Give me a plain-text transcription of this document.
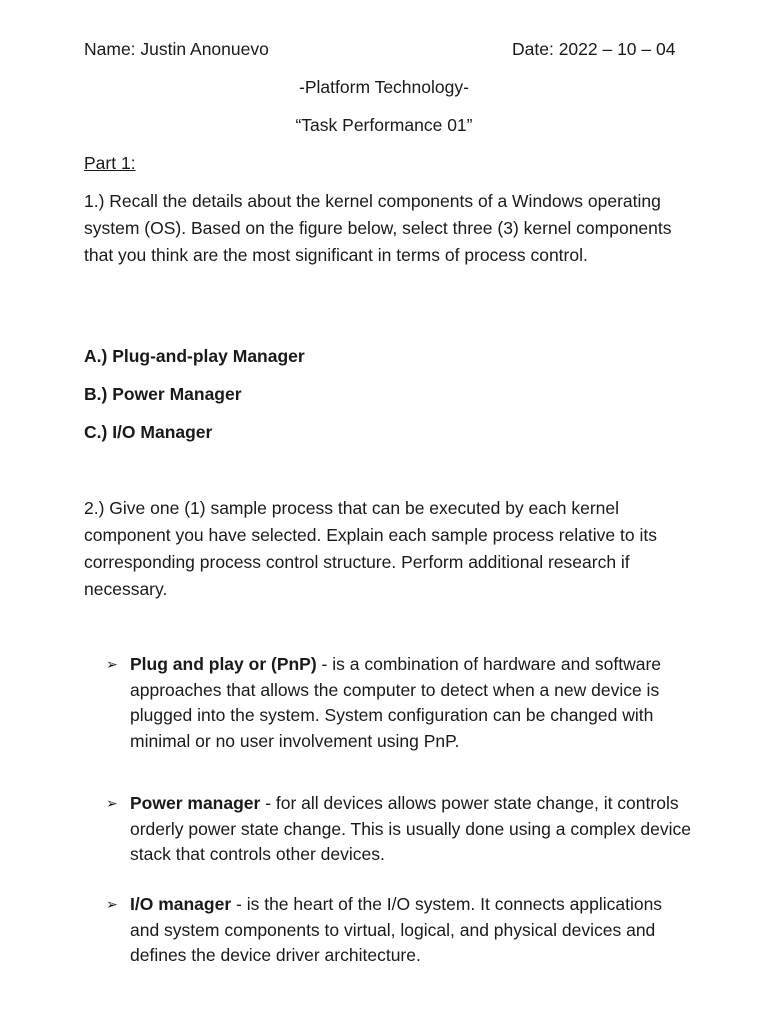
Name: Justin Anonuevo	Date: 2022 – 10 – 04
-Platform Technology-
“Task Performance 01”
Part 1:
1.) Recall the details about the kernel components of a Windows operating system (OS). Based on the figure below, select three (3) kernel components that you think are the most significant in terms of process control.
A.) Plug-and-play Manager
B.) Power Manager
C.) I/O Manager
2.) Give one (1) sample process that can be executed by each kernel component you have selected. Explain each sample process relative to its corresponding process control structure. Perform additional research if necessary.
➢ Plug and play or (PnP) - is a combination of hardware and software approaches that allows the computer to detect when a new device is plugged into the system. System configuration can be changed with minimal or no user involvement using PnP.
➢ Power manager - for all devices allows power state change, it controls orderly power state change. This is usually done using a complex device stack that controls other devices.
➢ I/O manager - is the heart of the I/O system. It connects applications and system components to virtual, logical, and physical devices and defines the device driver architecture.
